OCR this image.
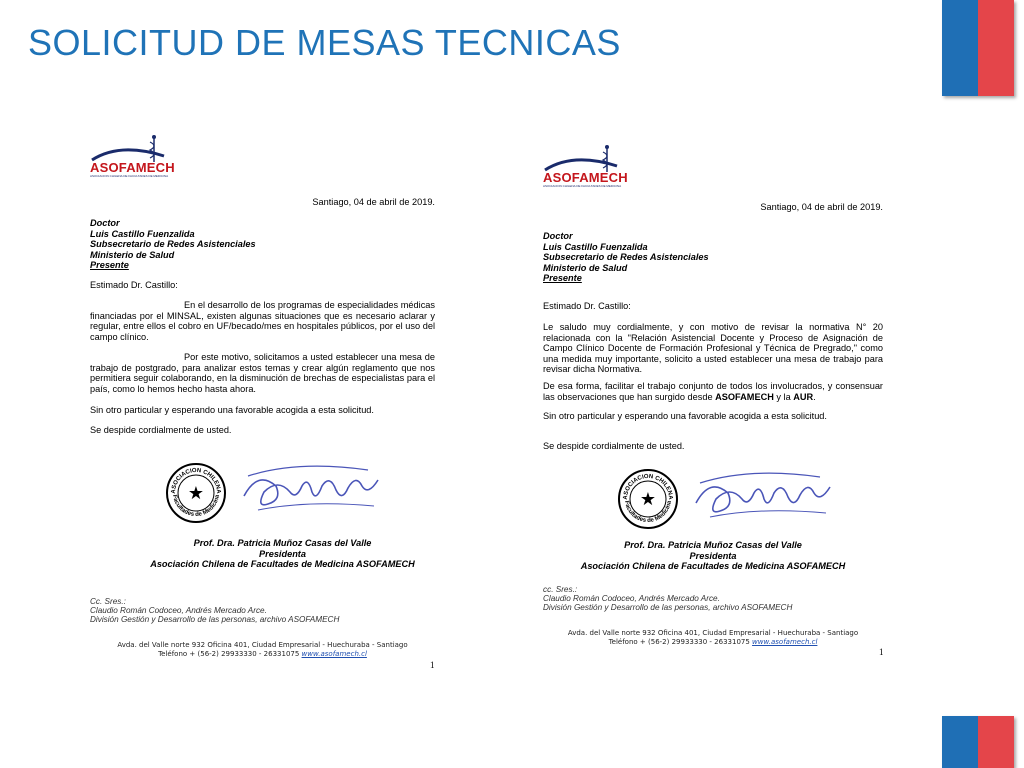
SOLICITUD DE MESAS TECNICAS
ASOFAMECH
ASOCIACION CHILENA DE FACULTADES DE MEDICINA
Santiago, 04 de abril de 2019.

Doctor

Luis Castillo Fuenzalida

Subsecretario de Redes Asistenciales

Ministerio de Salud

Presente

Estimado Dr. Castillo:
En el desarrollo de los programas de especialidades médicas financiadas por el MINSAL, existen algunas situaciones que es necesario aclarar y regular, entre ellos el cobro en UF/becado/mes en hospitales públicos, por el uso del campo clínico.
Por este motivo, solicitamos a usted establecer una mesa de trabajo de postgrado, para analizar estos temas y crear algún reglamento que nos permitiera seguir colaborando, en la disminución de brechas de especialistas para el país, como lo hemos hecho hasta ahora.
Sin otro particular y esperando una favorable acogida a esta solicitud.
Se despide cordialmente de usted.
ASOCIACION CHILENA
Facultades de Medicina
★

Prof. Dra. Patricia Muñoz Casas del Valle

Presidenta

Asociación Chilena de Facultades de Medicina ASOFAMECH

Cc. Sres.:

Claudio Román Codoceo, Andrés Mercado Arce.

División Gestión y Desarrollo de las personas, archivo ASOFAMECH

Avda. del Valle norte 932 Oficina 401, Ciudad Empresarial - Huechuraba - Santiago

Teléfono + (56-2) 29933330 - 26331075 www.asofamech.cl

1
ASOFAMECH
ASOCIACION CHILENA DE FACULTADES DE MEDICINA
Santiago, 04 de abril de 2019.

Doctor

Luis Castillo Fuenzalida

Subsecretario de Redes Asistenciales

Ministerio de Salud

Presente

Estimado Dr. Castillo:
Le saludo muy cordialmente, y con motivo de revisar la normativa N° 20 relacionada con la "Relación Asistencial Docente y Proceso de Asignación de Campo Clínico Docente de Formación Profesional y Técnica de Pregrado," como una medida muy importante, solicito a usted establecer una mesa de trabajo para revisar dicha Normativa.
De esa forma, facilitar el trabajo conjunto de todos los involucrados, y consensuar las observaciones que han surgido desde ASOFAMECH y la AUR.
Sin otro particular y esperando una favorable acogida a esta solicitud.
Se despide cordialmente de usted.
ASOCIACION CHILENA
Facultades de Medicina
★

Prof. Dra. Patricia Muñoz Casas del Valle

Presidenta

Asociación Chilena de Facultades de Medicina ASOFAMECH

cc. Sres.:

Claudio Román Codoceo, Andrés Mercado Arce.

División Gestión y Desarrollo de las personas, archivo ASOFAMECH

Avda. del Valle norte 932 Oficina 401, Ciudad Empresarial - Huechuraba - Santiago

Teléfono + (56-2) 29933330 - 26331075 www.asofamech.cl

1
